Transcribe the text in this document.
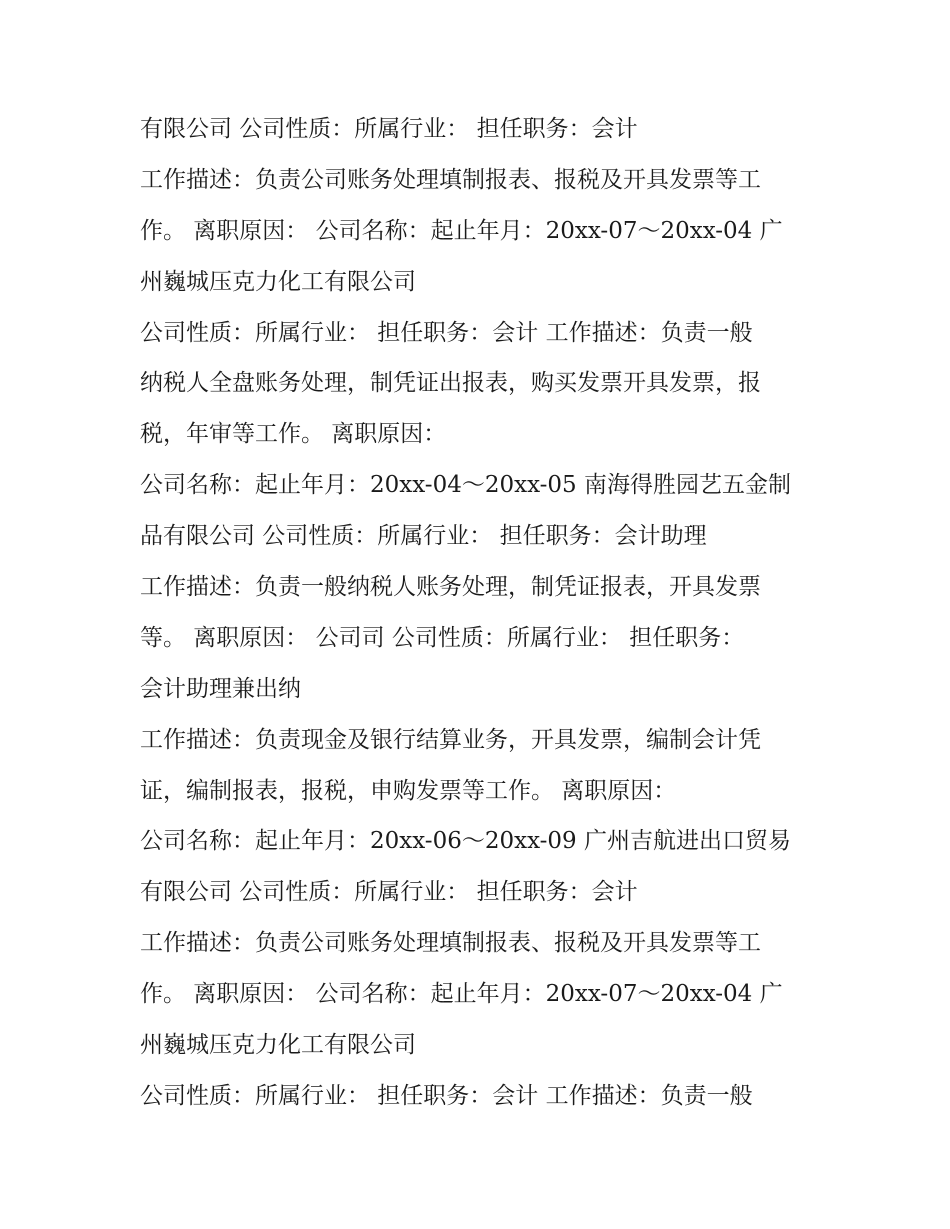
有限公司 公司性质：所属行业： 担任职务：会计
工作描述：负责公司账务处理填制报表、报税及开具发票等工
作。 离职原因： 公司名称：起止年月：20xx-07～20xx-04 广
州巍城压克力化工有限公司
公司性质：所属行业： 担任职务：会计 工作描述：负责一般
纳税人全盘账务处理，制凭证出报表，购买发票开具发票，报
税，年审等工作。 离职原因：
公司名称：起止年月：20xx-04～20xx-05 南海得胜园艺五金制
品有限公司 公司性质：所属行业： 担任职务：会计助理
工作描述：负责一般纳税人账务处理，制凭证报表，开具发票
等。 离职原因： 公司司 公司性质：所属行业： 担任职务：
会计助理兼出纳
工作描述：负责现金及银行结算业务，开具发票，编制会计凭
证，编制报表，报税，申购发票等工作。 离职原因：
公司名称：起止年月：20xx-06～20xx-09 广州吉航进出口贸易
有限公司 公司性质：所属行业： 担任职务：会计
工作描述：负责公司账务处理填制报表、报税及开具发票等工
作。 离职原因： 公司名称：起止年月：20xx-07～20xx-04 广
州巍城压克力化工有限公司
公司性质：所属行业： 担任职务：会计 工作描述：负责一般
